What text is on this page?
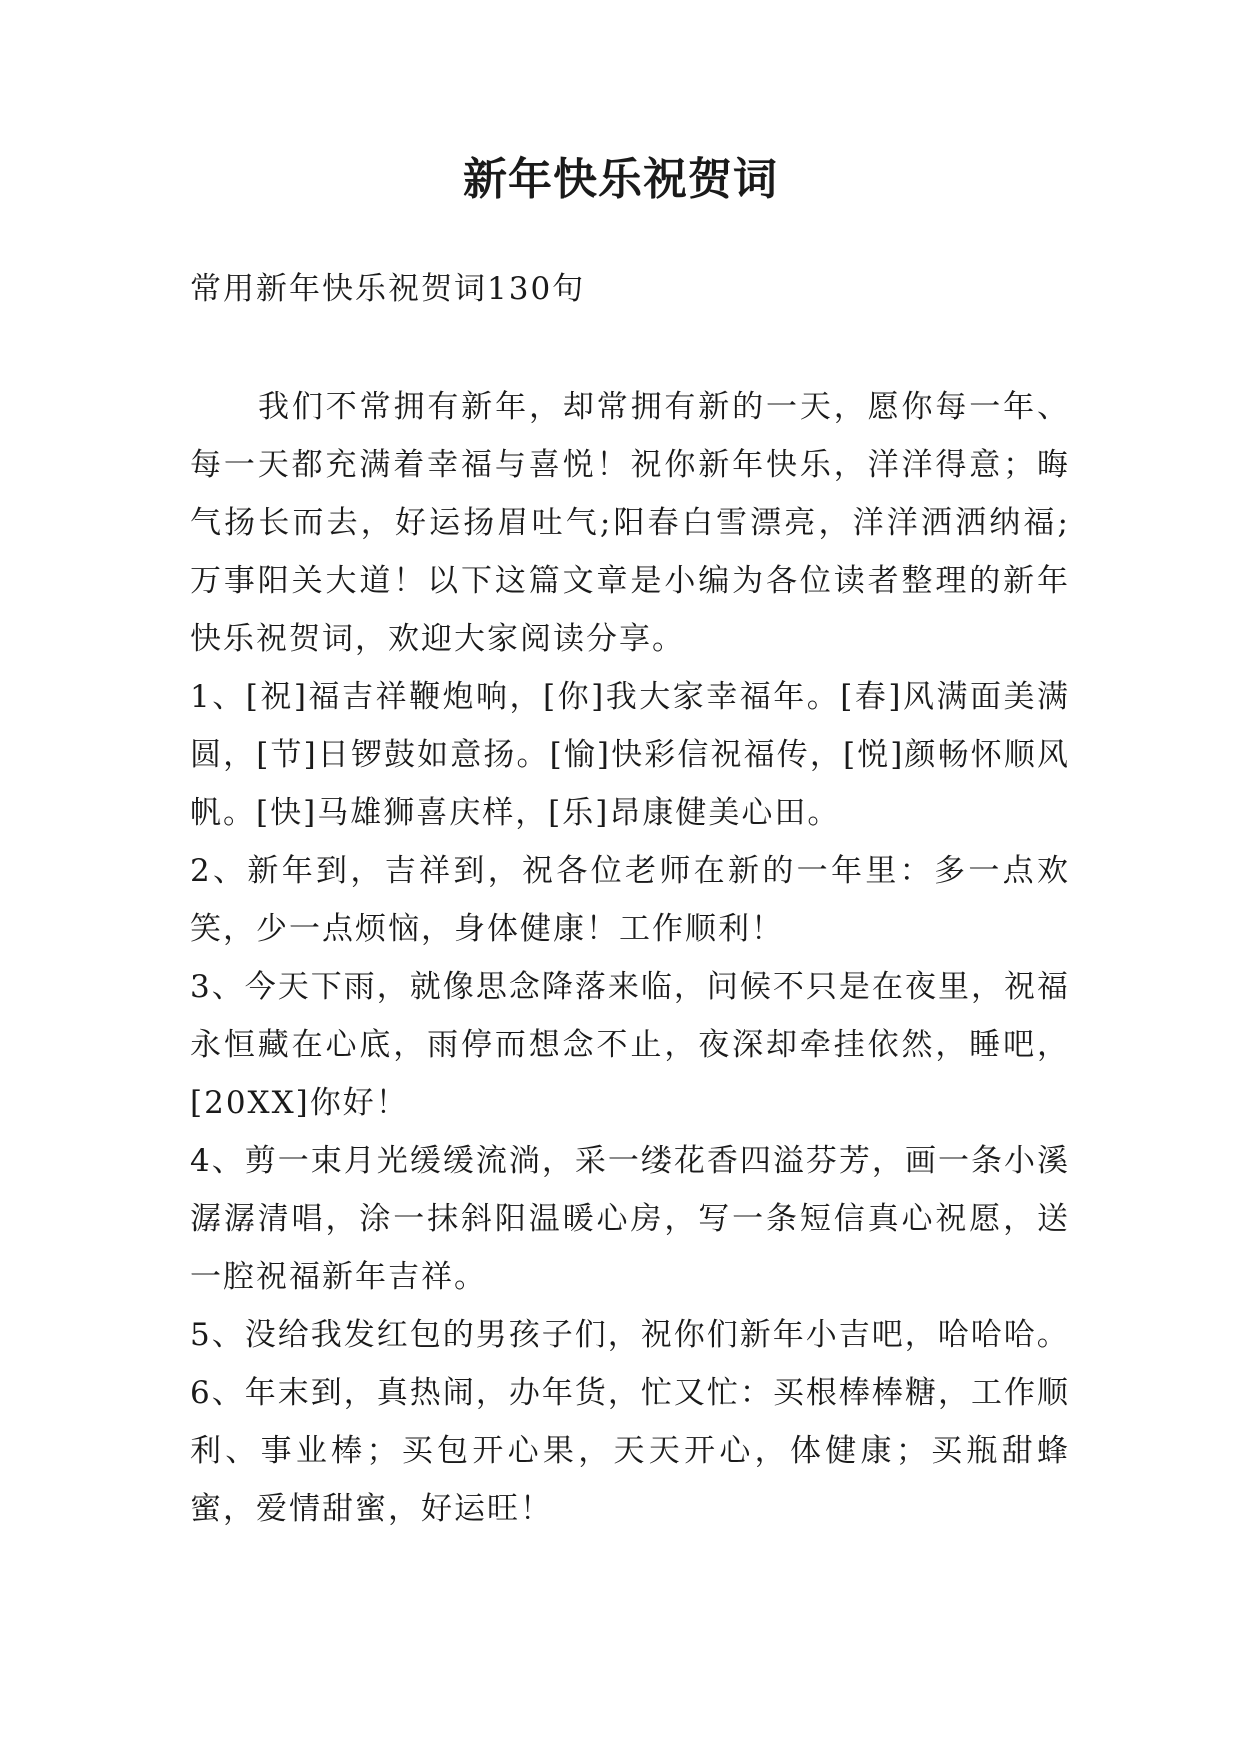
新年快乐祝贺词

常用新年快乐祝贺词130句

我们不常拥有新年，却常拥有新的一天，愿你每一年、每一天都充满着幸福与喜悦！祝你新年快乐，洋洋得意；晦气扬长而去，好运扬眉吐气;阳春白雪漂亮，洋洋洒洒纳福;万事阳关大道！以下这篇文章是小编为各位读者整理的新年快乐祝贺词，欢迎大家阅读分享。

1、[祝]福吉祥鞭炮响，[你]我大家幸福年。[春]风满面美满圆，[节]日锣鼓如意扬。[愉]快彩信祝福传，[悦]颜畅怀顺风帆。[快]马雄狮喜庆样，[乐]昂康健美心田。
2、新年到，吉祥到，祝各位老师在新的一年里：多一点欢笑，少一点烦恼，身体健康！工作顺利！
3、今天下雨，就像思念降落来临，问候不只是在夜里，祝福永恒藏在心底，雨停而想念不止，夜深却牵挂依然，睡吧，[20XX]你好！
4、剪一束月光缓缓流淌，采一缕花香四溢芬芳，画一条小溪潺潺清唱，涂一抹斜阳温暖心房，写一条短信真心祝愿，送一腔祝福新年吉祥。
5、没给我发红包的男孩子们，祝你们新年小吉吧，哈哈哈。
6、年末到，真热闹，办年货，忙又忙：买根棒棒糖，工作顺利、事业棒；买包开心果，天天开心，体健康；买瓶甜蜂蜜，爱情甜蜜，好运旺！
